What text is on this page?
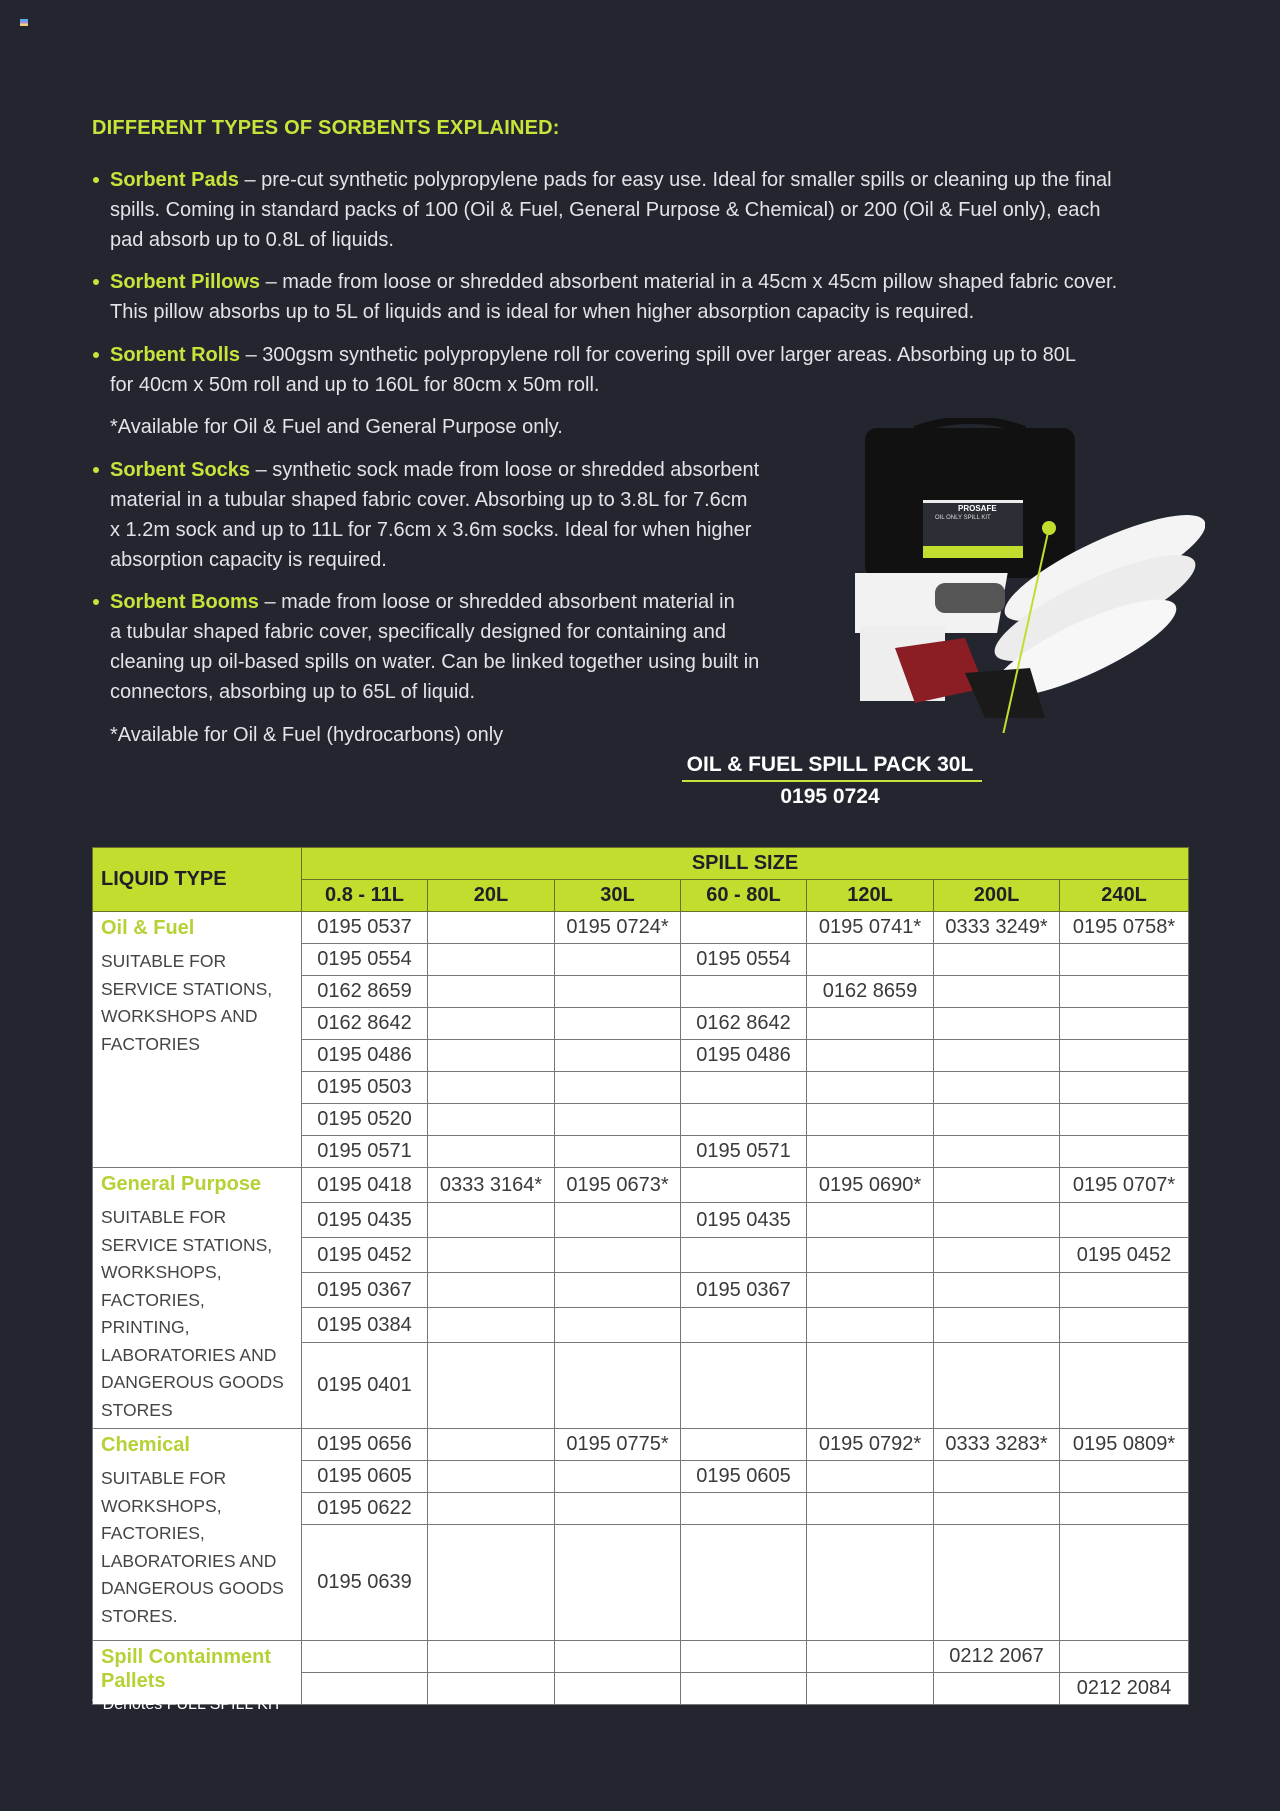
DIFFERENT TYPES OF SORBENTS EXPLAINED:
Sorbent Pads – pre-cut synthetic polypropylene pads for easy use. Ideal for smaller spills or cleaning up the final
spills. Coming in standard packs of 100 (Oil & Fuel, General Purpose & Chemical) or 200 (Oil & Fuel only), each
pad absorb up to 0.8L of liquids.
Sorbent Pillows – made from loose or shredded absorbent material in a 45cm x 45cm pillow shaped fabric cover.
This pillow absorbs up to 5L of liquids and is ideal for when higher absorption capacity is required.
Sorbent Rolls – 300gsm synthetic polypropylene roll for covering spill over larger areas. Absorbing up to 80L
for 40cm x 50m roll and up to 160L for 80cm x 50m roll.
*Available for Oil & Fuel and General Purpose only.
Sorbent Socks – synthetic sock made from loose or shredded absorbent
material in a tubular shaped fabric cover. Absorbing up to 3.8L for 7.6cm
x 1.2m sock and up to 11L for 7.6cm x 3.6m socks. Ideal for when higher
absorption capacity is required.
Sorbent Booms – made from loose or shredded absorbent material in
a tubular shaped fabric cover, specifically designed for containing and
cleaning up oil-based spills on water. Can be linked together using built in
connectors, absorbing up to 65L of liquid.
*Available for Oil & Fuel (hydrocarbons) only
PROSAFE
OIL ONLY SPILL KIT
OIL & FUEL SPILL PACK 30L
0195 0724
LIQUID TYPE	SPILL SIZE						
	0.8 - 11L	20L	30L	60 - 80L	120L	200L	240L

Oil & Fuel
SUITABLE FOR SERVICE STATIONS, WORKSHOPS AND FACTORIES	0195 0537		0195 0724*		0195 0741*	0333 3249*	0195 0758*
	0195 0554			0195 0554			
	0162 8659				0162 8659		
	0162 8642			0162 8642			
	0195 0486			0195 0486			
	0195 0503						
	0195 0520						
	0195 0571			0195 0571			

General Purpose
SUITABLE FOR SERVICE STATIONS, WORKSHOPS, FACTORIES, PRINTING, LABORATORIES AND DANGEROUS GOODS STORES	0195 0418	0333 3164*	0195 0673*		0195 0690*		0195 0707*
	0195 0435			0195 0435			
	0195 0452						0195 0452
	0195 0367			0195 0367			
	0195 0384						
	0195 0401						

Chemical
SUITABLE FOR WORKSHOPS, FACTORIES, LABORATORIES AND DANGEROUS GOODS STORES.	0195 0656		0195 0775*		0195 0792*	0333 3283*	0195 0809*
	0195 0605			0195 0605			
	0195 0622						
	0195 0639						

Spill Containment Pallets						0212 2067	
							0212 2084
* Denotes FULL SPILL KIT
